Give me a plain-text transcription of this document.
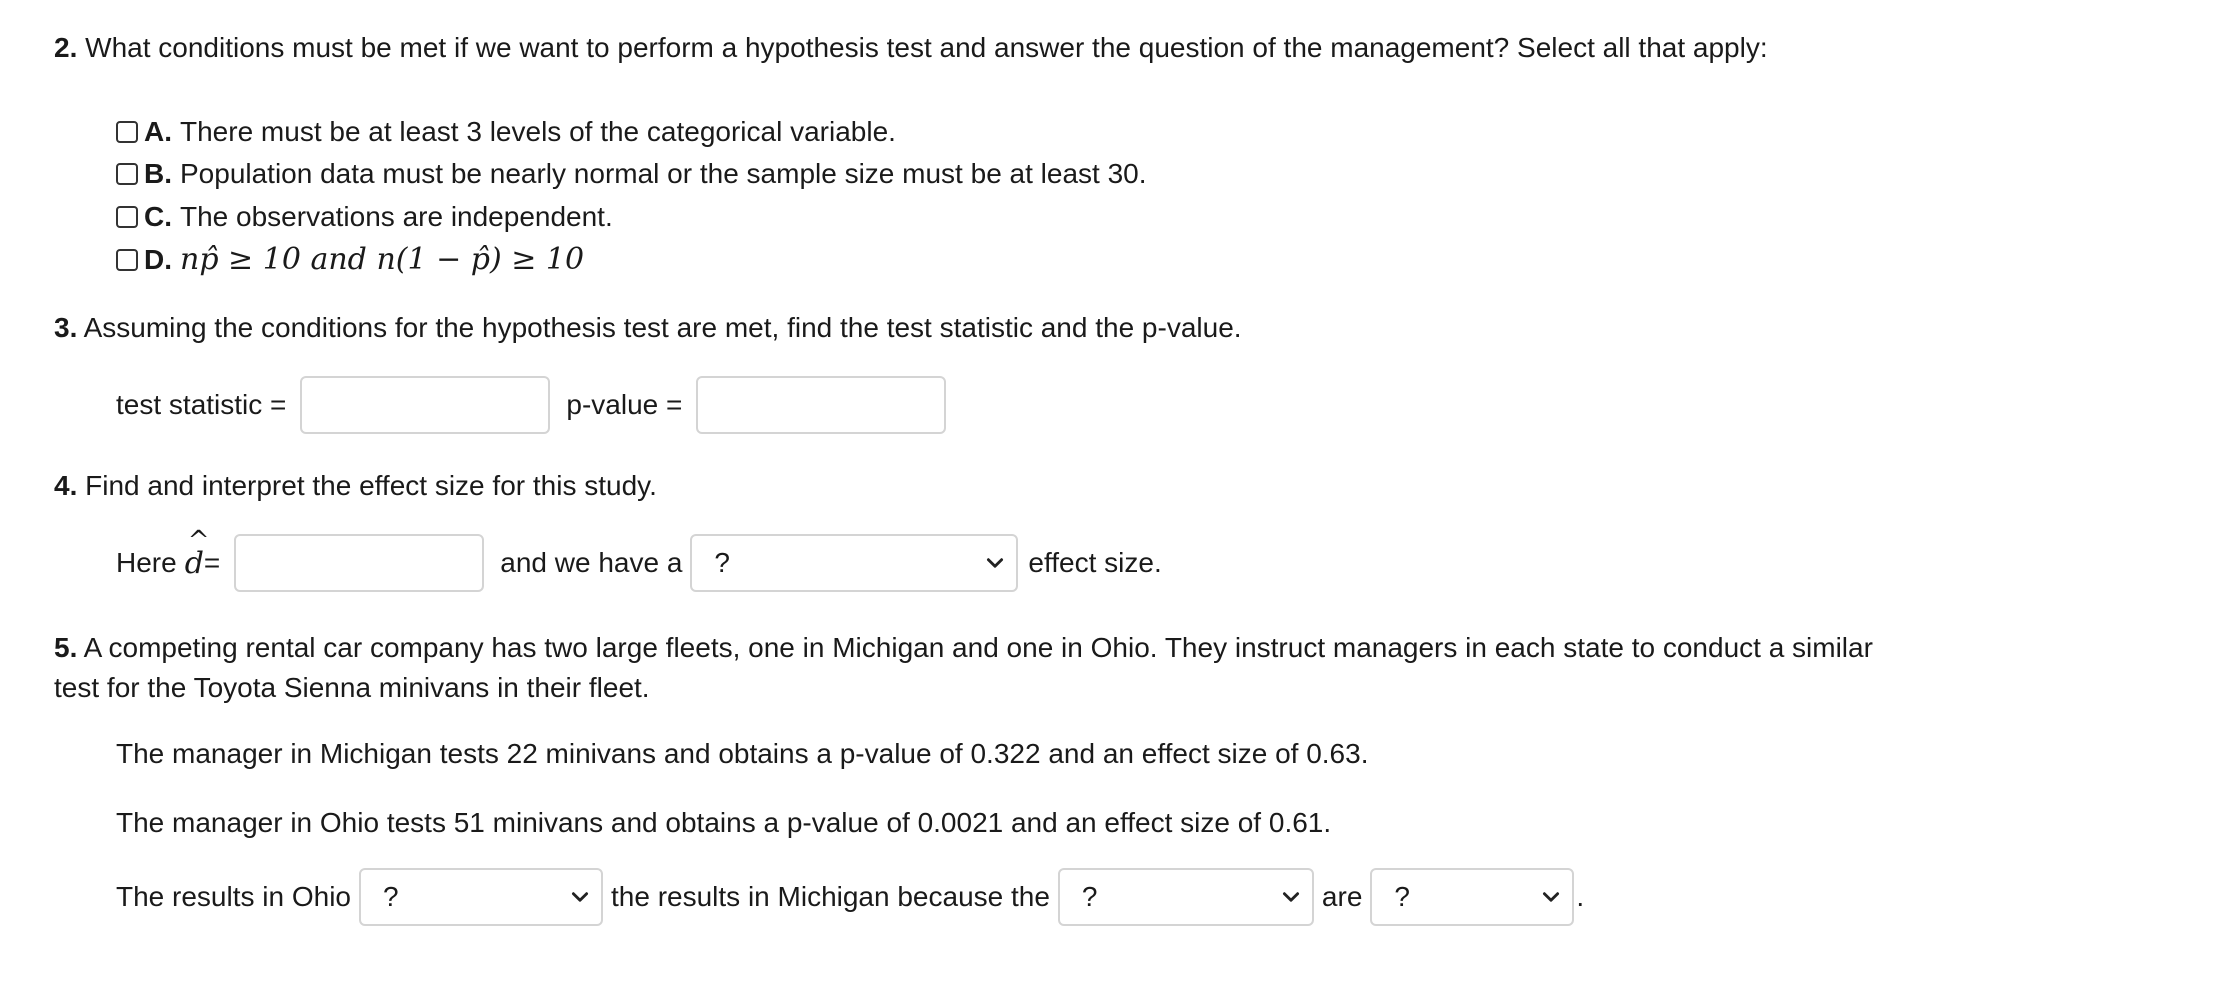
2. What conditions must be met if we want to perform a hypothesis test and answer the question of the management? Select all that apply:
A. There must be at least 3 levels of the categorical variable.
B. Population data must be nearly normal or the sample size must be at least 30.
C. The observations are independent.
D. np̂ ≥ 10 and n(1 − p̂) ≥ 10
3. Assuming the conditions for the hypothesis test are met, find the test statistic and the p-value.
test statistic =	p-value =
4. Find and interpret the effect size for this study.
Here
^
d =	and we have a ?	effect size.
5. A competing rental car company has two large fleets, one in Michigan and one in Ohio. They instruct managers in each state to conduct a similar
test for the Toyota Sienna minivans in their fleet.
The manager in Michigan tests 22 minivans and obtains a p-value of 0.322 and an effect size of 0.63.
The manager in Ohio tests 51 minivans and obtains a p-value of 0.0021 and an effect size of 0.61.
The results in Ohio ?	the results in Michigan because the ?	are ?	.
